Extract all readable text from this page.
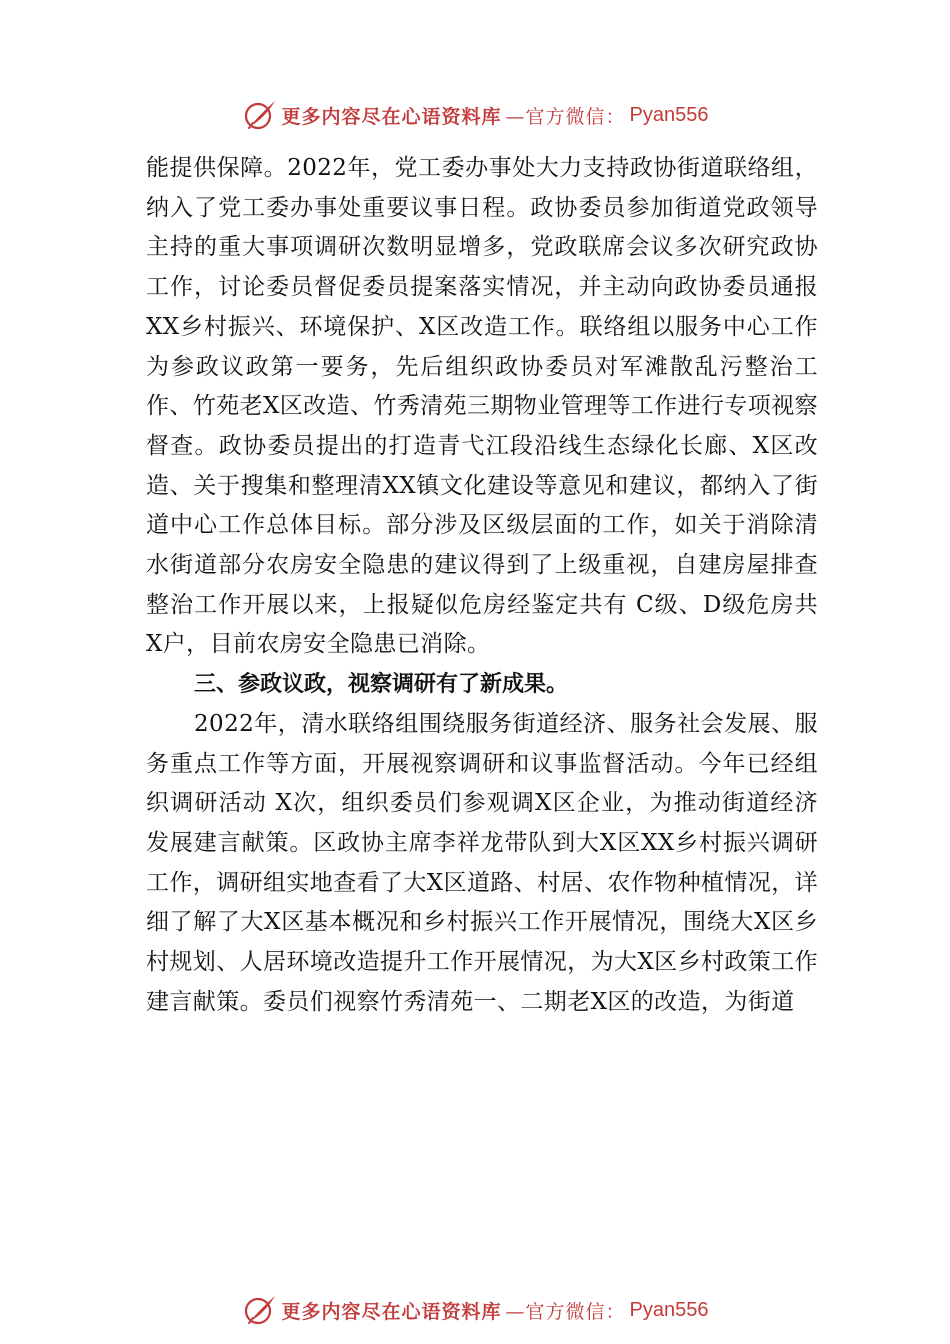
更多内容尽在心语资料库 —官方微信： Pyan556

能提供保障。2022年，党工委办事处大力支持政协街道联络组，纳入了党工委办事处重要议事日程。政协委员参加街道党政领导主持的重大事项调研次数明显增多，党政联席会议多次研究政协工作，讨论委员督促委员提案落实情况，并主动向政协委员通报XX乡村振兴、环境保护、X区改造工作。联络组以服务中心工作为参政议政第一要务，先后组织政协委员对军滩散乱污整治工作、竹苑老X区改造、竹秀清苑三期物业管理等工作进行专项视察督查。政协委员提出的打造青弋江段沿线生态绿化长廊、X区改造、关于搜集和整理清XX镇文化建设等意见和建议，都纳入了街道中心工作总体目标。部分涉及区级层面的工作，如关于消除清水街道部分农房安全隐患的建议得到了上级重视，自建房屋排查整治工作开展以来，上报疑似危房经鉴定共有 C级、D级危房共 X户，目前农房安全隐患已消除。

三、参政议政，视察调研有了新成果。

2022年，清水联络组围绕服务街道经济、服务社会发展、服务重点工作等方面，开展视察调研和议事监督活动。今年已经组织调研活动 X次，组织委员们参观调X区企业，为推动街道经济发展建言献策。区政协主席李祥龙带队到大X区XX乡村振兴调研工作，调研组实地查看了大X区道路、村居、农作物种植情况，详细了解了大X区基本概况和乡村振兴工作开展情况，围绕大X区乡村规划、人居环境改造提升工作开展情况，为大X区乡村政策工作建言献策。委员们视察竹秀清苑一、二期老X区的改造，为街道

更多内容尽在心语资料库 —官方微信： Pyan556
